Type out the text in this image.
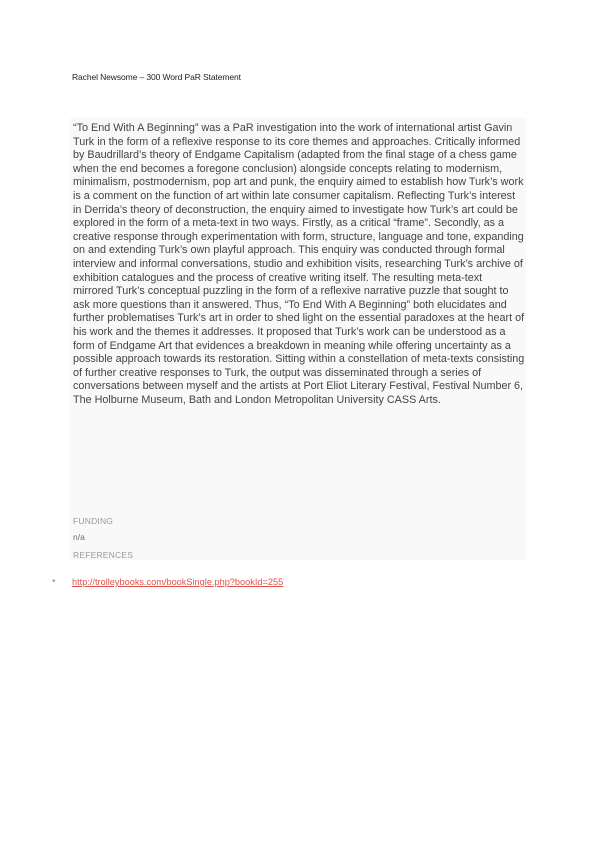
Rachel Newsome – 300 Word PaR Statement

“To End With A Beginning” was a PaR investigation into the work of international artist Gavin Turk in the form of a reflexive response to its core themes and approaches. Critically informed by Baudrillard’s theory of Endgame Capitalism (adapted from the final stage of a chess game when the end becomes a foregone conclusion) alongside concepts relating to modernism, minimalism, postmodernism, pop art and punk, the enquiry aimed to establish how Turk’s work is a comment on the function of art within late consumer capitalism. Reflecting Turk’s interest in Derrida’s theory of deconstruction, the enquiry aimed to investigate how Turk’s art could be explored in the form of a meta-text in two ways. Firstly, as a critical “frame”. Secondly, as a creative response through experimentation with form, structure, language and tone, expanding on and extending Turk’s own playful approach. This enquiry was conducted through formal interview and informal conversations, studio and exhibition visits, researching Turk’s archive of exhibition catalogues and the process of creative writing itself. The resulting meta-text mirrored Turk’s conceptual puzzling in the form of a reflexive narrative puzzle that sought to ask more questions than it answered. Thus, “To End With A Beginning” both elucidates and further problematises Turk’s art in order to shed light on the essential paradoxes at the heart of his work and the themes it addresses. It proposed that Turk’s work can be understood as a form of Endgame Art that evidences a breakdown in meaning while offering uncertainty as a possible approach towards its restoration. Sitting within a constellation of meta-texts consisting of further creative responses to Turk, the output was disseminated through a series of conversations between myself and the artists at Port Eliot Literary Festival, Festival Number 6, The Holburne Museum, Bath and London Metropolitan University CASS Arts.

FUNDING
n/a
REFERENCES
• http://trolleybooks.com/bookSingle.php?bookId=255
